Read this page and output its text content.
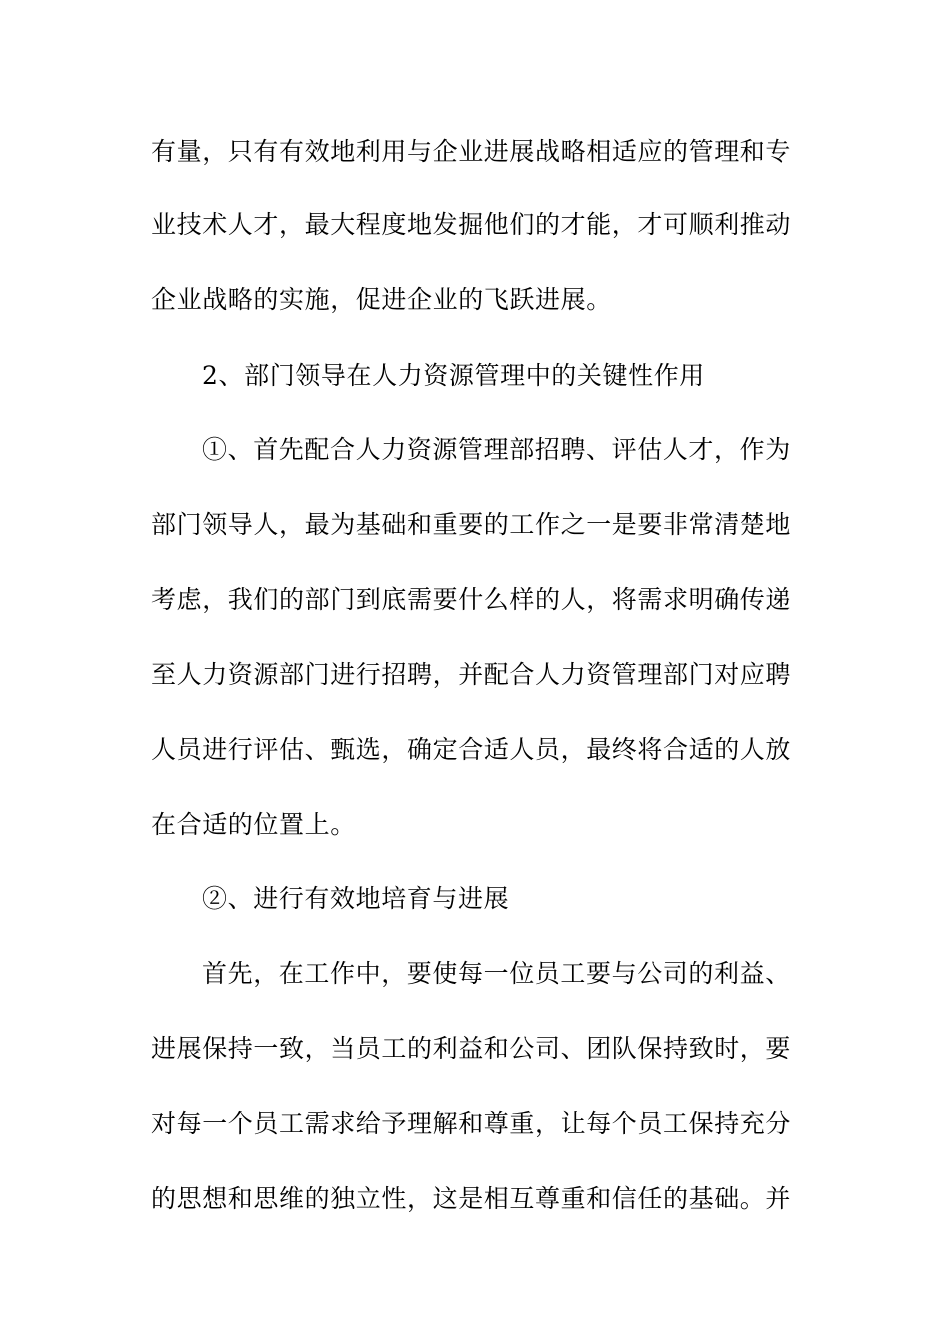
有量，只有有效地利用与企业进展战略相适应的管理和专
业技术人才，最大程度地发掘他们的才能，才可顺利推动
企业战略的实施，促进企业的飞跃进展。
2、部门领导在人力资源管理中的关键性作用
①、首先配合人力资源管理部招聘、评估人才，作为
部门领导人，最为基础和重要的工作之一是要非常清楚地
考虑，我们的部门到底需要什么样的人，将需求明确传递
至人力资源部门进行招聘，并配合人力资管理部门对应聘
人员进行评估、甄选，确定合适人员，最终将合适的人放
在合适的位置上。
②、进行有效地培育与进展
首先，在工作中，要使每一位员工要与公司的利益、
进展保持一致，当员工的利益和公司、团队保持致时，要
对每一个员工需求给予理解和尊重，让每个员工保持充分
的思想和思维的独立性，这是相互尊重和信任的基础。并
